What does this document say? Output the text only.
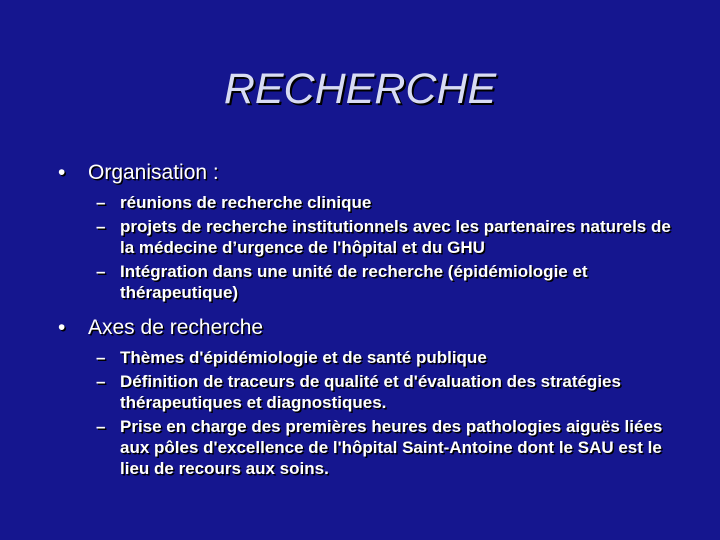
RECHERCHE
• Organisation :
– réunions de recherche clinique
– projets de recherche institutionnels avec les partenaires naturels de la médecine d’urgence de l'hôpital et du GHU
– Intégration dans une unité de recherche (épidémiologie et thérapeutique)
• Axes de recherche
– Thèmes d'épidémiologie et de santé publique
– Définition de traceurs de qualité et d'évaluation des stratégies thérapeutiques et diagnostiques.
– Prise en charge des premières heures des pathologies aiguës liées aux pôles d'excellence de l'hôpital Saint-Antoine dont le SAU est le lieu de recours aux soins.
